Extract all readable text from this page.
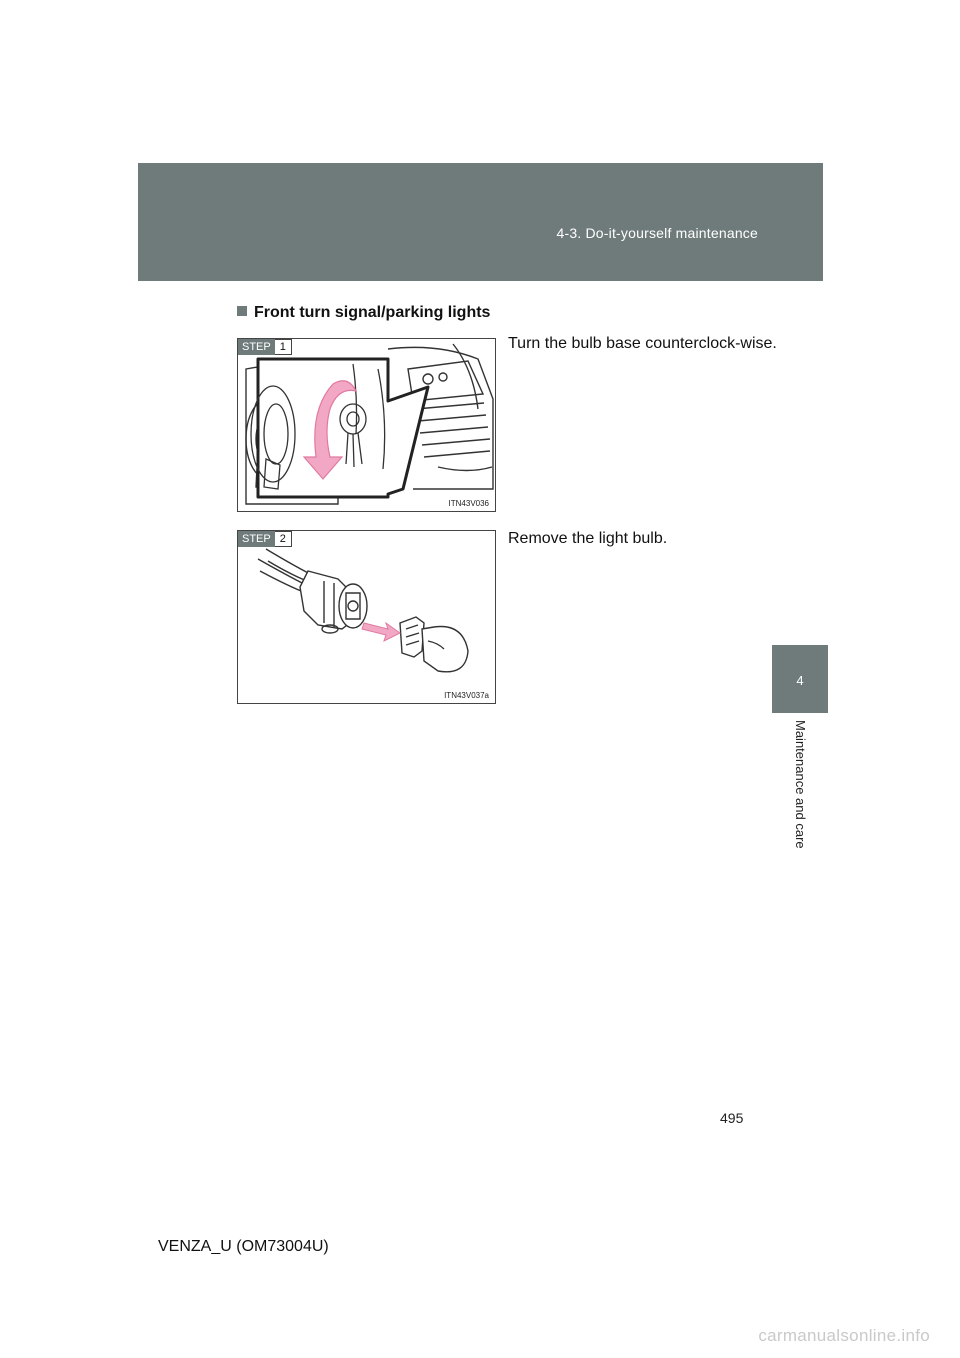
4-3. Do-it-yourself maintenance
4
Maintenance and care
Front turn signal/parking lights
STEP 1
ITN43V036
Turn the bulb base counterclock-wise.
STEP 2
ITN43V037a
Remove the light bulb.
495
VENZA_U (OM73004U)
carmanualsonline.info
